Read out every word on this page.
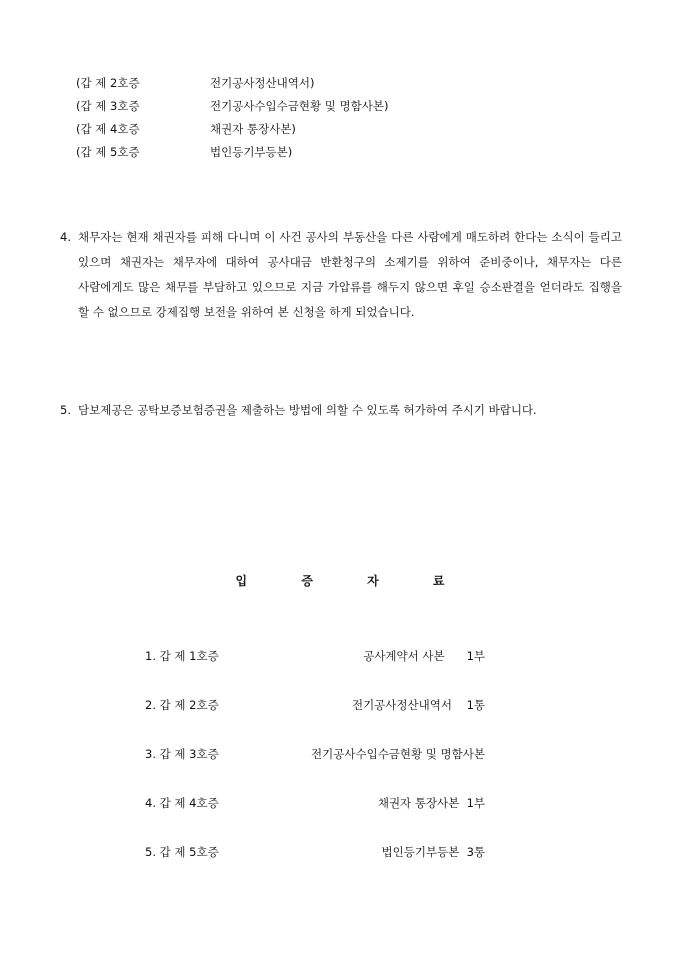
(갑 제 2호증	전기공사정산내역서)
(갑 제 3호증	전기공사수입수금현황 및 명함사본)
(갑 제 4호증	채권자 통장사본)
(갑 제 5호증	법인등기부등본)
4. 채무자는 현재 채권자를 피해 다니며 이 사건 공사의 부동산을 다른 사람에게 매도하려 한다는 소식이 들리고 있으며 채권자는 채무자에 대하여 공사대금 반환청구의 소제기를 위하여 준비중이나, 채무자는 다른 사람에게도 많은 채무를 부담하고 있으므로 지금 가압류를 해두지 않으면 후일 승소판결을 얻더라도 집행을 할 수 없으므로 강제집행 보전을 위하여 본 신청을 하게 되었습니다.
5. 담보제공은 공탁보증보험증권을 제출하는 방법에 의할 수 있도록 허가하여 주시기 바랍니다.
입 증 자 료
1. 갑 제 1호증	공사계약서 사본      1부
2. 갑 제 2호증	전기공사정산내역서    1통
3. 갑 제 3호증	전기공사수입수금현황 및 명함사본
4. 갑 제 4호증	채권자 통장사본  1부
5. 갑 제 5호증	법인등기부등본  3통
